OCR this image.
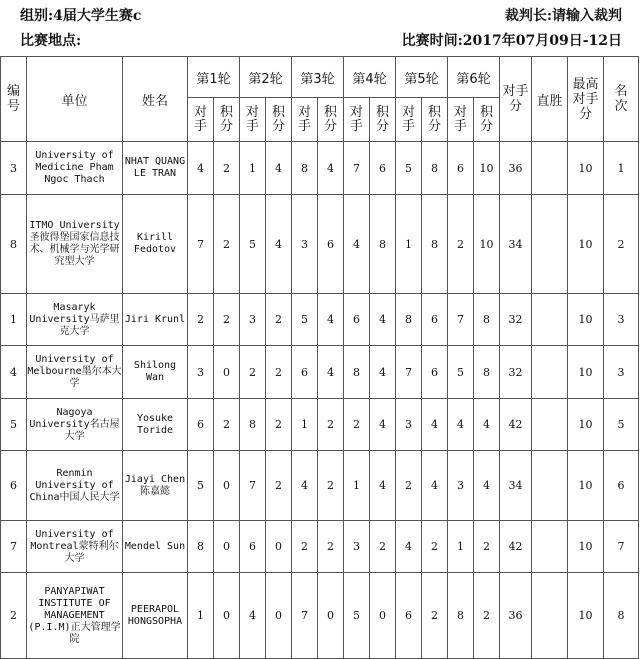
组别:4届大学生赛c	裁判长:请输入裁判
比赛地点:	比赛时间:2017年07月09日-12日
编号	单位	姓名	第1轮		第2轮		第3轮		第4轮		第5轮		第6轮		对手分	直胜	最高对手分	名次

			对手	积分	对手	积分	对手	积分	对手	积分	对手	积分	对手	积分				

3	University of Medicine Pham Ngoc Thach	NHAT QUANG LE TRAN	4	2	1	4	8	4	7	6	5	8	6	10	36		10	1
8	ITMO University 圣彼得堡国家信息技术、机械学与光学研究型大学	Kirill Fedotov	7	2	5	4	3	6	4	8	1	8	2	10	34		10	2
1	Masaryk University马萨里克大学	Jiri Krunl	2	2	3	2	5	4	6	4	8	6	7	8	32		10	3
4	University of Melbourne墨尔本大学	Shilong Wan	3	0	2	2	6	4	8	4	7	6	5	8	32		10	3
5	Nagoya University名古屋大学	Yosuke Toride	6	2	8	2	1	2	2	4	3	4	4	4	42		10	5
6	Renmin University of China中国人民大学	Jiayi Chen 陈嘉懿	5	0	7	2	4	2	1	4	2	4	3	4	34		10	6
7	University of Montreal蒙特利尔大学	Mendel Sun	8	0	6	0	2	2	3	2	4	2	1	2	42		10	7
2	PANYAPIWAT INSTITUTE OF MANAGEMENT (P.I.M)正大管理学院	PEERAPOL HONGSOPHA	1	0	4	0	7	0	5	0	6	2	8	2	36		10	8
